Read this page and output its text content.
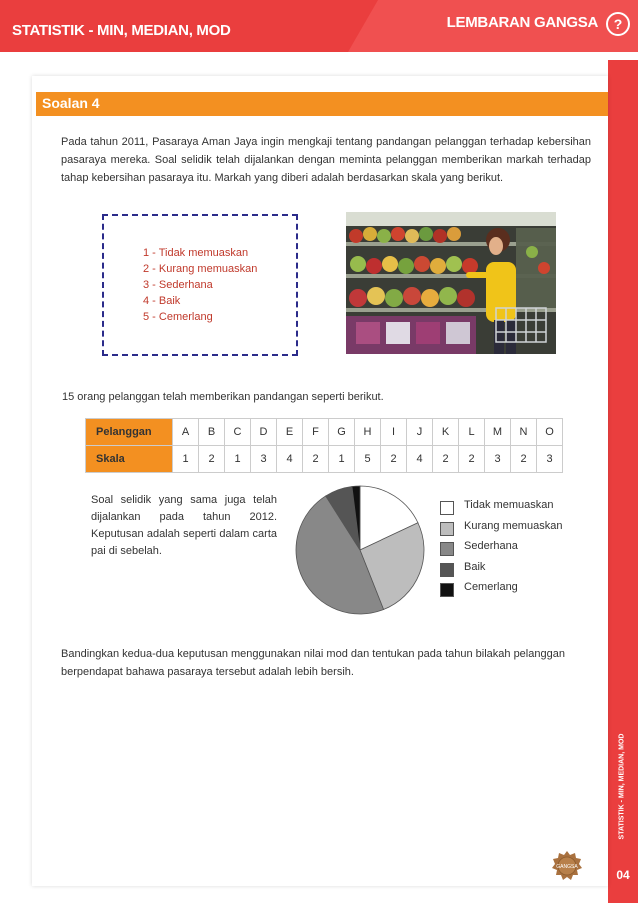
STATISTIK - MIN, MEDIAN, MOD	LEMBARAN GANGSA	?
STATISTIK - MIN, MEDIAN, MOD
04
Soalan 4
Pada tahun 2011, Pasaraya Aman Jaya ingin mengkaji tentang pandangan pelanggan terhadap kebersihan pasaraya mereka. Soal selidik telah dijalankan dengan meminta pelanggan memberikan markah terhadap tahap kebersihan pasaraya itu. Markah yang diberi adalah berdasarkan skala yang berikut.
1 - Tidak memuaskan
2 - Kurang memuaskan
3 - Sederhana
4 - Baik
5 - Cemerlang
15 orang pelanggan telah memberikan pandangan seperti berikut.
Pelanggan	A	B	C	D	E	F	G	H	I	J	K	L	M	N	O
Skala	1	2	1	3	4	2	1	5	2	4	2	2	3	2	3
Soal selidik yang sama juga telah dijalankan pada tahun 2012. Keputusan adalah seperti dalam carta pai di sebelah.
Tidak memuaskan
Kurang memuaskan
Sederhana
Baik
Cemerlang
Bandingkan kedua-dua keputusan menggunakan nilai mod dan tentukan pada tahun bilakah pelanggan berpendapat bahawa pasaraya tersebut adalah lebih bersih.
GANGSA
